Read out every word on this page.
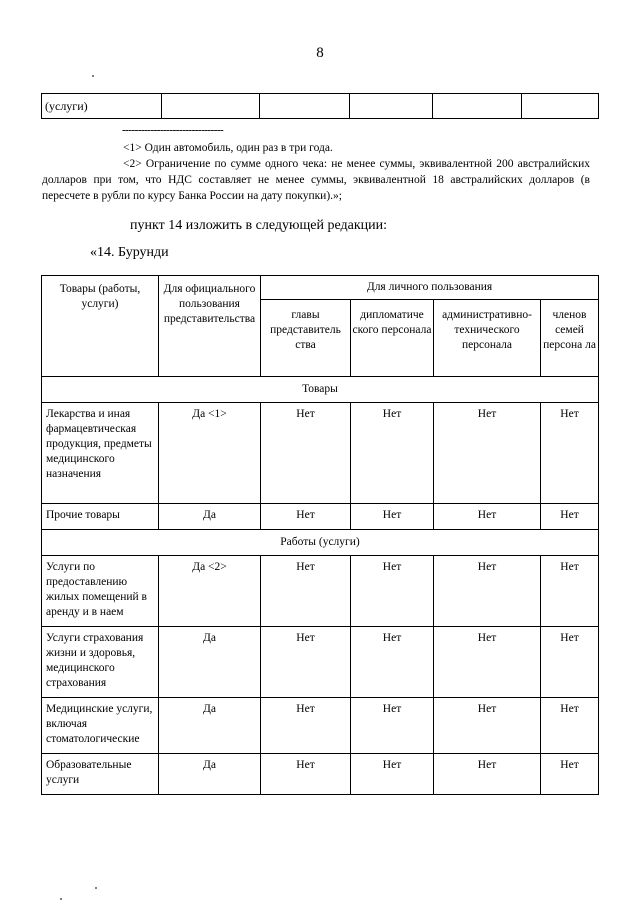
8
(услуги)					
--------------------------------
<1> Один автомобиль, один раз в три года.
<2> Ограничение по сумме одного чека: не менее суммы, эквивалентной 200 австралийских долларов при том, что НДС составляет не менее суммы, эквивалентной 18 австралийских долларов (в пересчете в рубли по курсу Банка России на дату покупки).»;
пункт 14 изложить в следующей редакции:
«14. Бурунди
Товары (работы, услуги)	Для официального пользования представительства	Для личного пользования			
		главы представитель ства	дипломатиче ского персонала	административно- технического персонала	членов семей персона ла
Товары					
Лекарства и иная фармацевтическая продукция, предметы медицинского назначения	Да <1>	Нет	Нет	Нет	Нет
Прочие товары	Да	Нет	Нет	Нет	Нет
Работы (услуги)					
Услуги по предоставлению жилых помещений в аренду и в наем	Да <2>	Нет	Нет	Нет	Нет
Услуги страхования жизни и здоровья, медицинского страхования	Да	Нет	Нет	Нет	Нет
Медицинские услуги, включая стоматологические	Да	Нет	Нет	Нет	Нет
Образовательные услуги	Да	Нет	Нет	Нет	Нет
